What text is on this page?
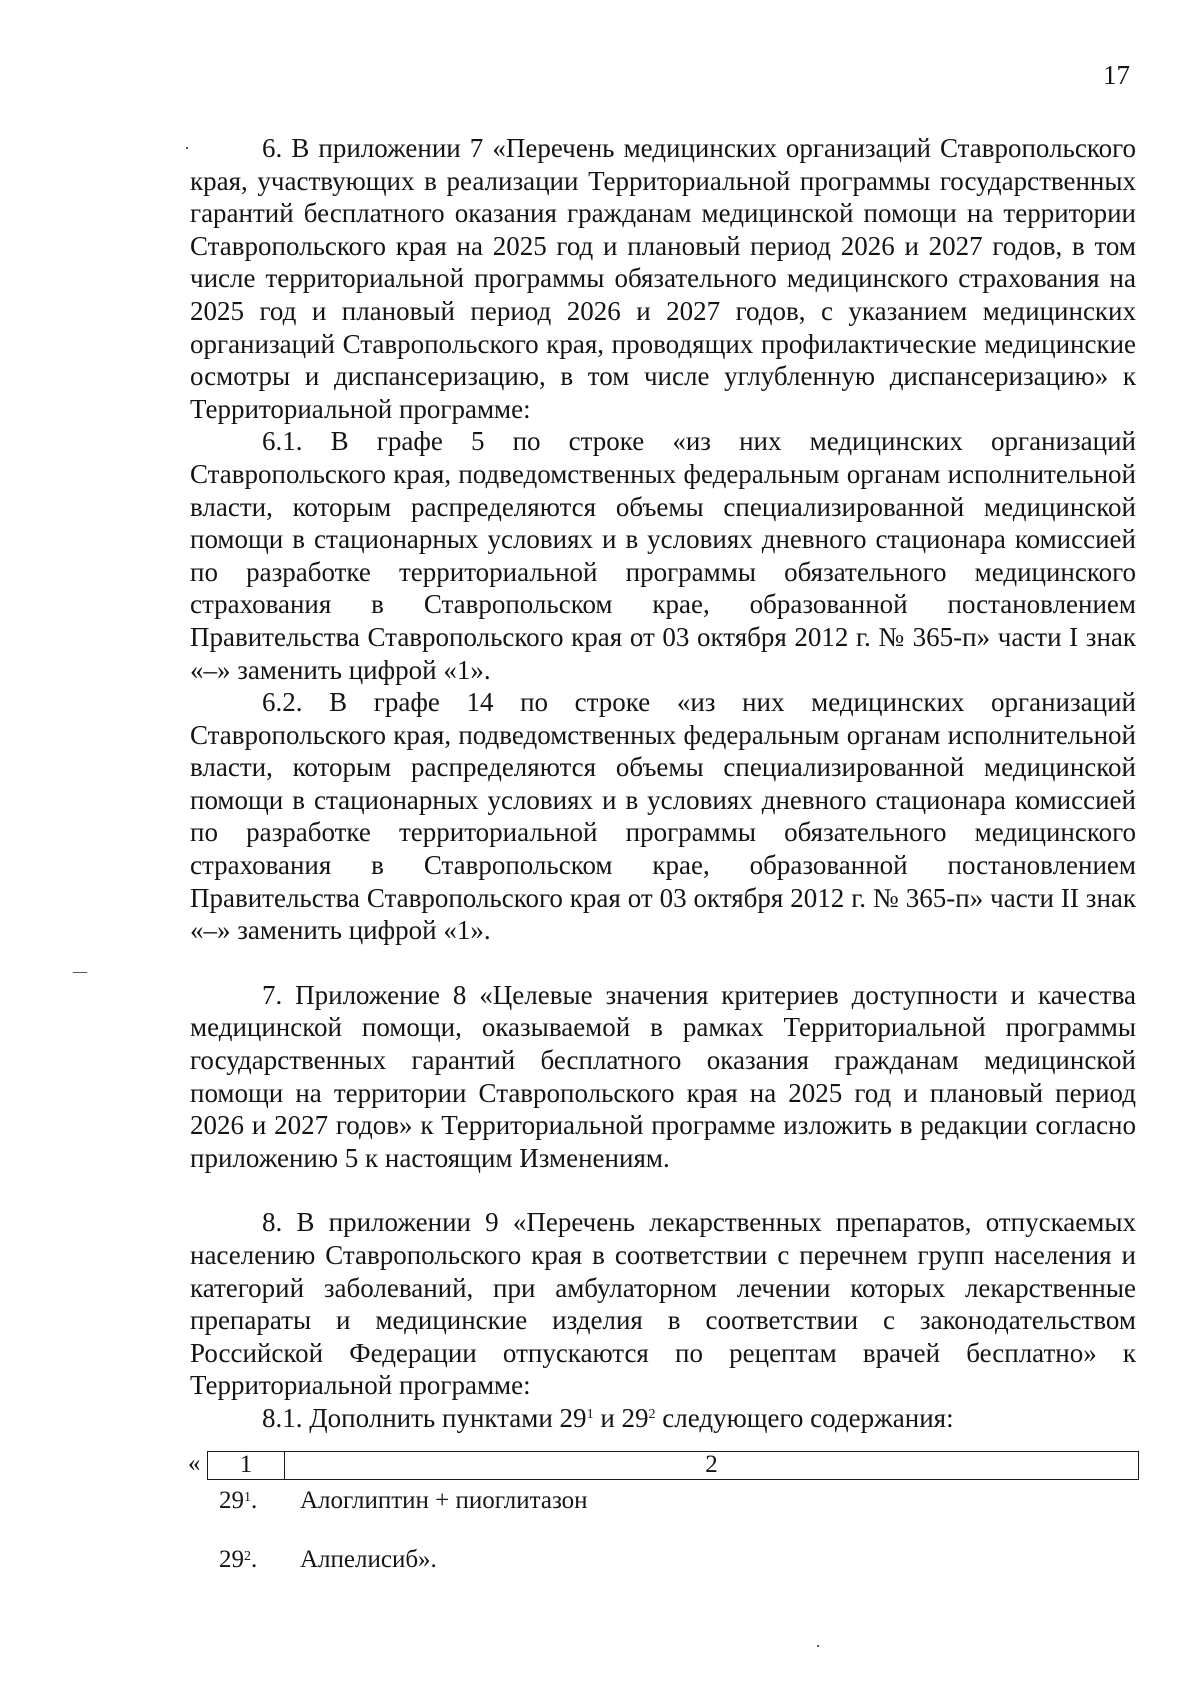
17

6. В приложении 7 «Перечень медицинских организаций Ставропольского края, участвующих в реализации Территориальной программы государственных гарантий бесплатного оказания гражданам медицинской помощи на территории Ставропольского края на 2025 год и плановый период 2026 и 2027 годов, в том числе территориальной программы обязательного медицинского страхования на 2025 год и плановый период 2026 и 2027 годов, с указанием медицинских организаций Ставропольского края, проводящих профилактические медицинские осмотры и диспансеризацию, в том числе углубленную диспансеризацию» к Территориальной программе:

6.1. В графе 5 по строке «из них медицинских организаций Ставропольского края, подведомственных федеральным органам исполнительной власти, которым распределяются объемы специализированной медицинской помощи в стационарных условиях и в условиях дневного стационара комиссией по разработке территориальной программы обязательного медицинского страхования в Ставропольском крае, образованной постановлением Правительства Ставропольского края от 03 октября 2012 г. № 365-п» части I знак «–» заменить цифрой «1».

6.2. В графе 14 по строке «из них медицинских организаций Ставропольского края, подведомственных федеральным органам исполнительной власти, которым распределяются объемы специализированной медицинской помощи в стационарных условиях и в условиях дневного стационара комиссией по разработке территориальной программы обязательного медицинского страхования в Ставропольском крае, образованной постановлением Правительства Ставропольского края от 03 октября 2012 г. № 365-п» части II знак «–» заменить цифрой «1».

7. Приложение 8 «Целевые значения критериев доступности и качества медицинской помощи, оказываемой в рамках Территориальной программы государственных гарантий бесплатного оказания гражданам медицинской помощи на территории Ставропольского края на 2025 год и плановый период 2026 и 2027 годов» к Территориальной программе изложить в редакции согласно приложению 5 к настоящим Изменениям.

8. В приложении 9 «Перечень лекарственных препаратов, отпускаемых населению Ставропольского края в соответствии с перечнем групп населения и категорий заболеваний, при амбулаторном лечении которых лекарственные препараты и медицинские изделия в соответствии с законодательством Российской Федерации отпускаются по рецептам врачей бесплатно» к Территориальной программе:

8.1. Дополнить пунктами $29^1$ и $29^2$ следующего содержания:

«	1	2
$29^1$. Алоглиптин + пиоглитазон
$29^2$. Алпелисиб».
